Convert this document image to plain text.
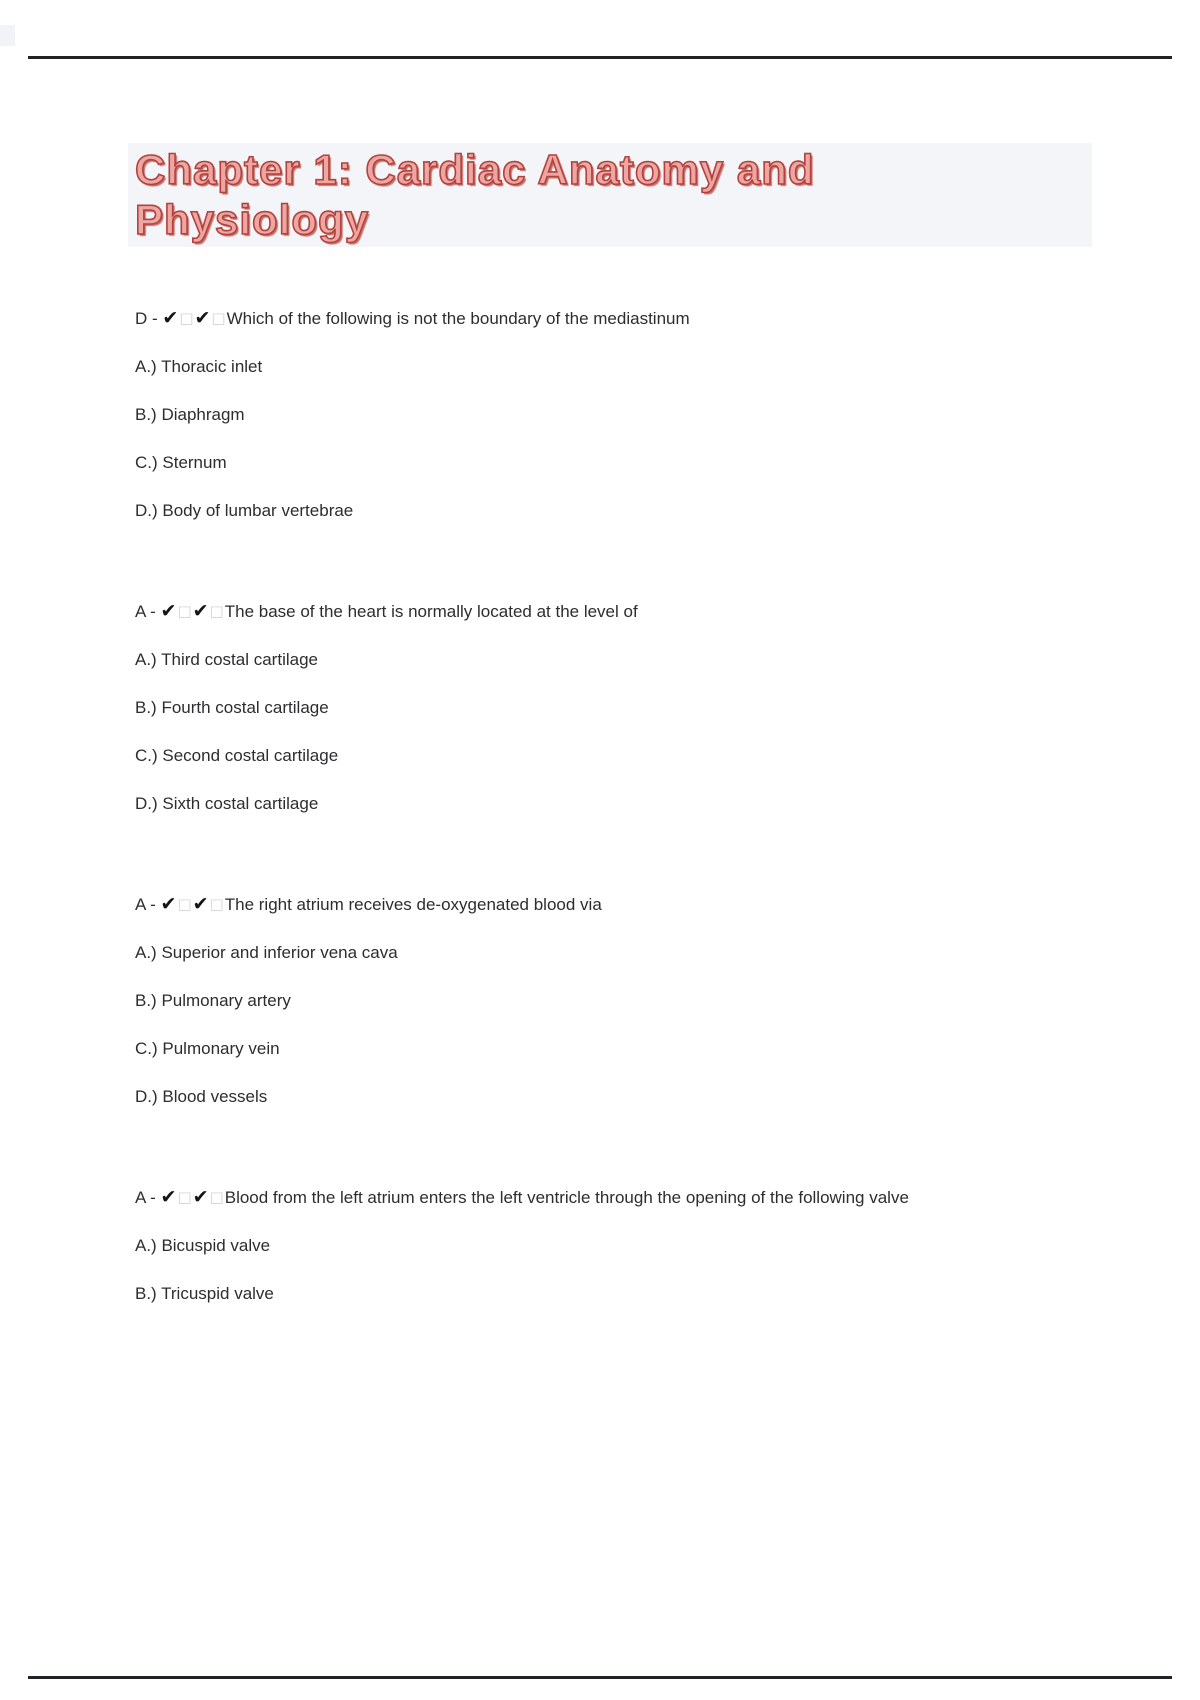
Chapter 1: Cardiac Anatomy and Physiology

D - ✔□✔□Which of the following is not the boundary of the mediastinum

A.) Thoracic inlet

B.) Diaphragm

C.) Sternum

D.) Body of lumbar vertebrae

A - ✔□✔□The base of the heart is normally located at the level of

A.) Third costal cartilage

B.) Fourth costal cartilage

C.) Second costal cartilage

D.) Sixth costal cartilage

A - ✔□✔□The right atrium receives de-oxygenated blood via

A.) Superior and inferior vena cava

B.) Pulmonary artery

C.) Pulmonary vein

D.) Blood vessels

A - ✔□✔□Blood from the left atrium enters the left ventricle through the opening of the following valve

A.) Bicuspid valve

B.) Tricuspid valve
